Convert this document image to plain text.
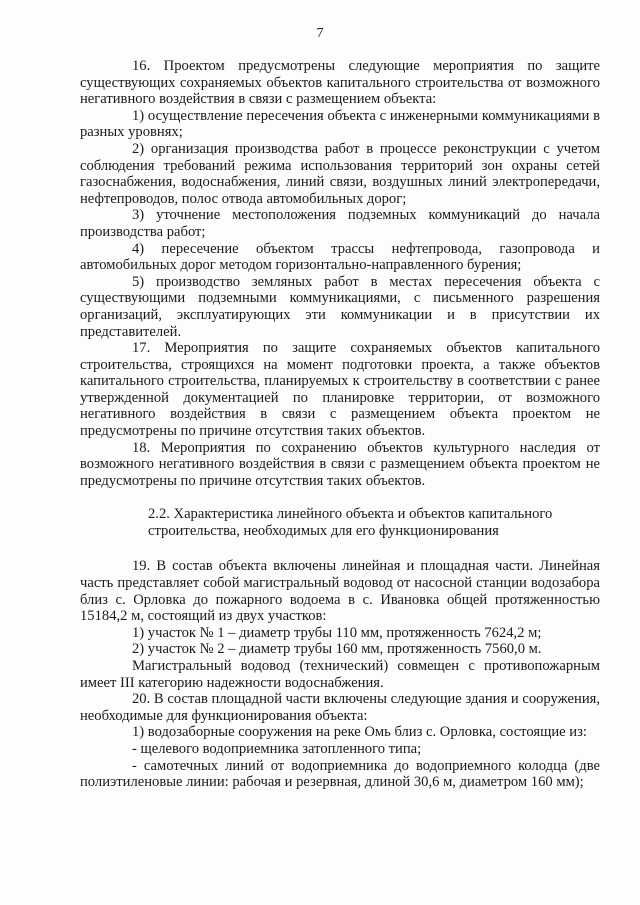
7

16. Проектом предусмотрены следующие мероприятия по защите существующих сохраняемых объектов капитального строительства от возможного негативного воздействия в связи с размещением объекта:

1) осуществление пересечения объекта с инженерными коммуникациями в разных уровнях;

2) организация производства работ в процессе реконструкции с учетом соблюдения требований режима использования территорий зон охраны сетей газоснабжения, водоснабжения, линий связи, воздушных линий электропередачи, нефтепроводов, полос отвода автомобильных дорог;

3) уточнение местоположения подземных коммуникаций до начала производства работ;

4) пересечение объектом трассы нефтепровода, газопровода и автомобильных дорог методом горизонтально-направленного бурения;

5) производство земляных работ в местах пересечения объекта с существующими подземными коммуникациями, с письменного разрешения организаций, эксплуатирующих эти коммуникации и в присутствии их представителей.

17. Мероприятия по защите сохраняемых объектов капитального строительства, строящихся на момент подготовки проекта, а также объектов капитального строительства, планируемых к строительству в соответствии с ранее утвержденной документацией по планировке территории, от возможного негативного воздействия в связи с размещением объекта проектом не предусмотрены по причине отсутствия таких объектов.

18. Мероприятия по сохранению объектов культурного наследия от возможного негативного воздействия в связи с размещением объекта проектом не предусмотрены по причине отсутствия таких объектов.

2.2. Характеристика линейного объекта и объектов капитального
строительства, необходимых для его функционирования

19. В состав объекта включены линейная и площадная части. Линейная часть представляет собой магистральный водовод от насосной станции водозабора близ с. Орловка до пожарного водоема в с. Ивановка общей протяженностью 15184,2 м, состоящий из двух участков:

1) участок № 1 – диаметр трубы 110 мм, протяженность 7624,2 м;

2) участок № 2 – диаметр трубы 160 мм, протяженность 7560,0 м.

Магистральный водовод (технический) совмещен с противопожарным имеет III категорию надежности водоснабжения.

20. В состав площадной части включены следующие здания и сооружения, необходимые для функционирования объекта:

1) водозаборные сооружения на реке Омь близ с. Орловка, состоящие из:

- щелевого водоприемника затопленного типа;

- самотечных линий от водоприемника до водоприемного колодца (две полиэтиленовые линии: рабочая и резервная, длиной 30,6 м, диаметром 160 мм);
